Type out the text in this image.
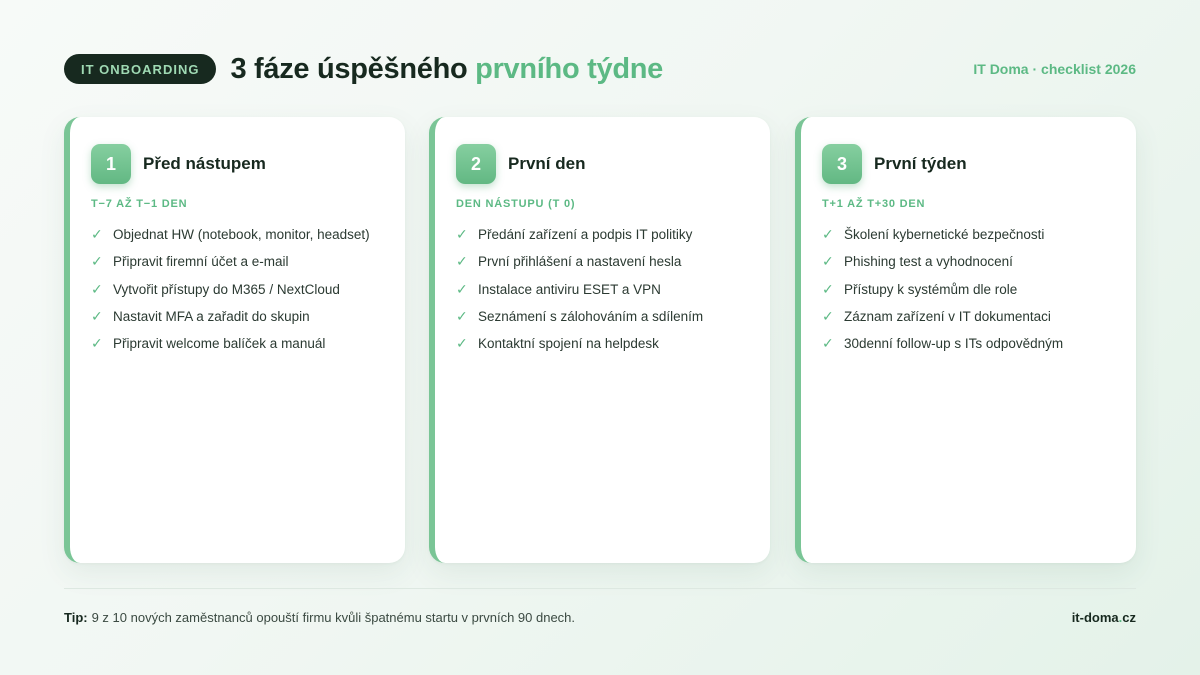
IT ONBOARDING	3 fáze úspěšného prvního týdne	IT Doma · checklist 2026
1	Před nástupem
T−7 AŽ T−1 DEN
✓ Objednat HW (notebook, monitor, headset)
✓ Připravit firemní účet a e-mail
✓ Vytvořit přístupy do M365 / NextCloud
✓ Nastavit MFA a zařadit do skupin
✓ Připravit welcome balíček a manuál
2	První den
DEN NÁSTUPU (T 0)
✓ Předání zařízení a podpis IT politiky
✓ První přihlášení a nastavení hesla
✓ Instalace antiviru ESET a VPN
✓ Seznámení s zálohováním a sdílením
✓ Kontaktní spojení na helpdesk
3	První týden
T+1 AŽ T+30 DEN
✓ Školení kybernetické bezpečnosti
✓ Phishing test a vyhodnocení
✓ Přístupy k systémům dle role
✓ Záznam zařízení v IT dokumentaci
✓ 30denní follow-up s ITs odpovědným
Tip: 9 z 10 nových zaměstnanců opouští firmu kvůli špatnému startu v prvních 90 dnech.	it-doma.cz
